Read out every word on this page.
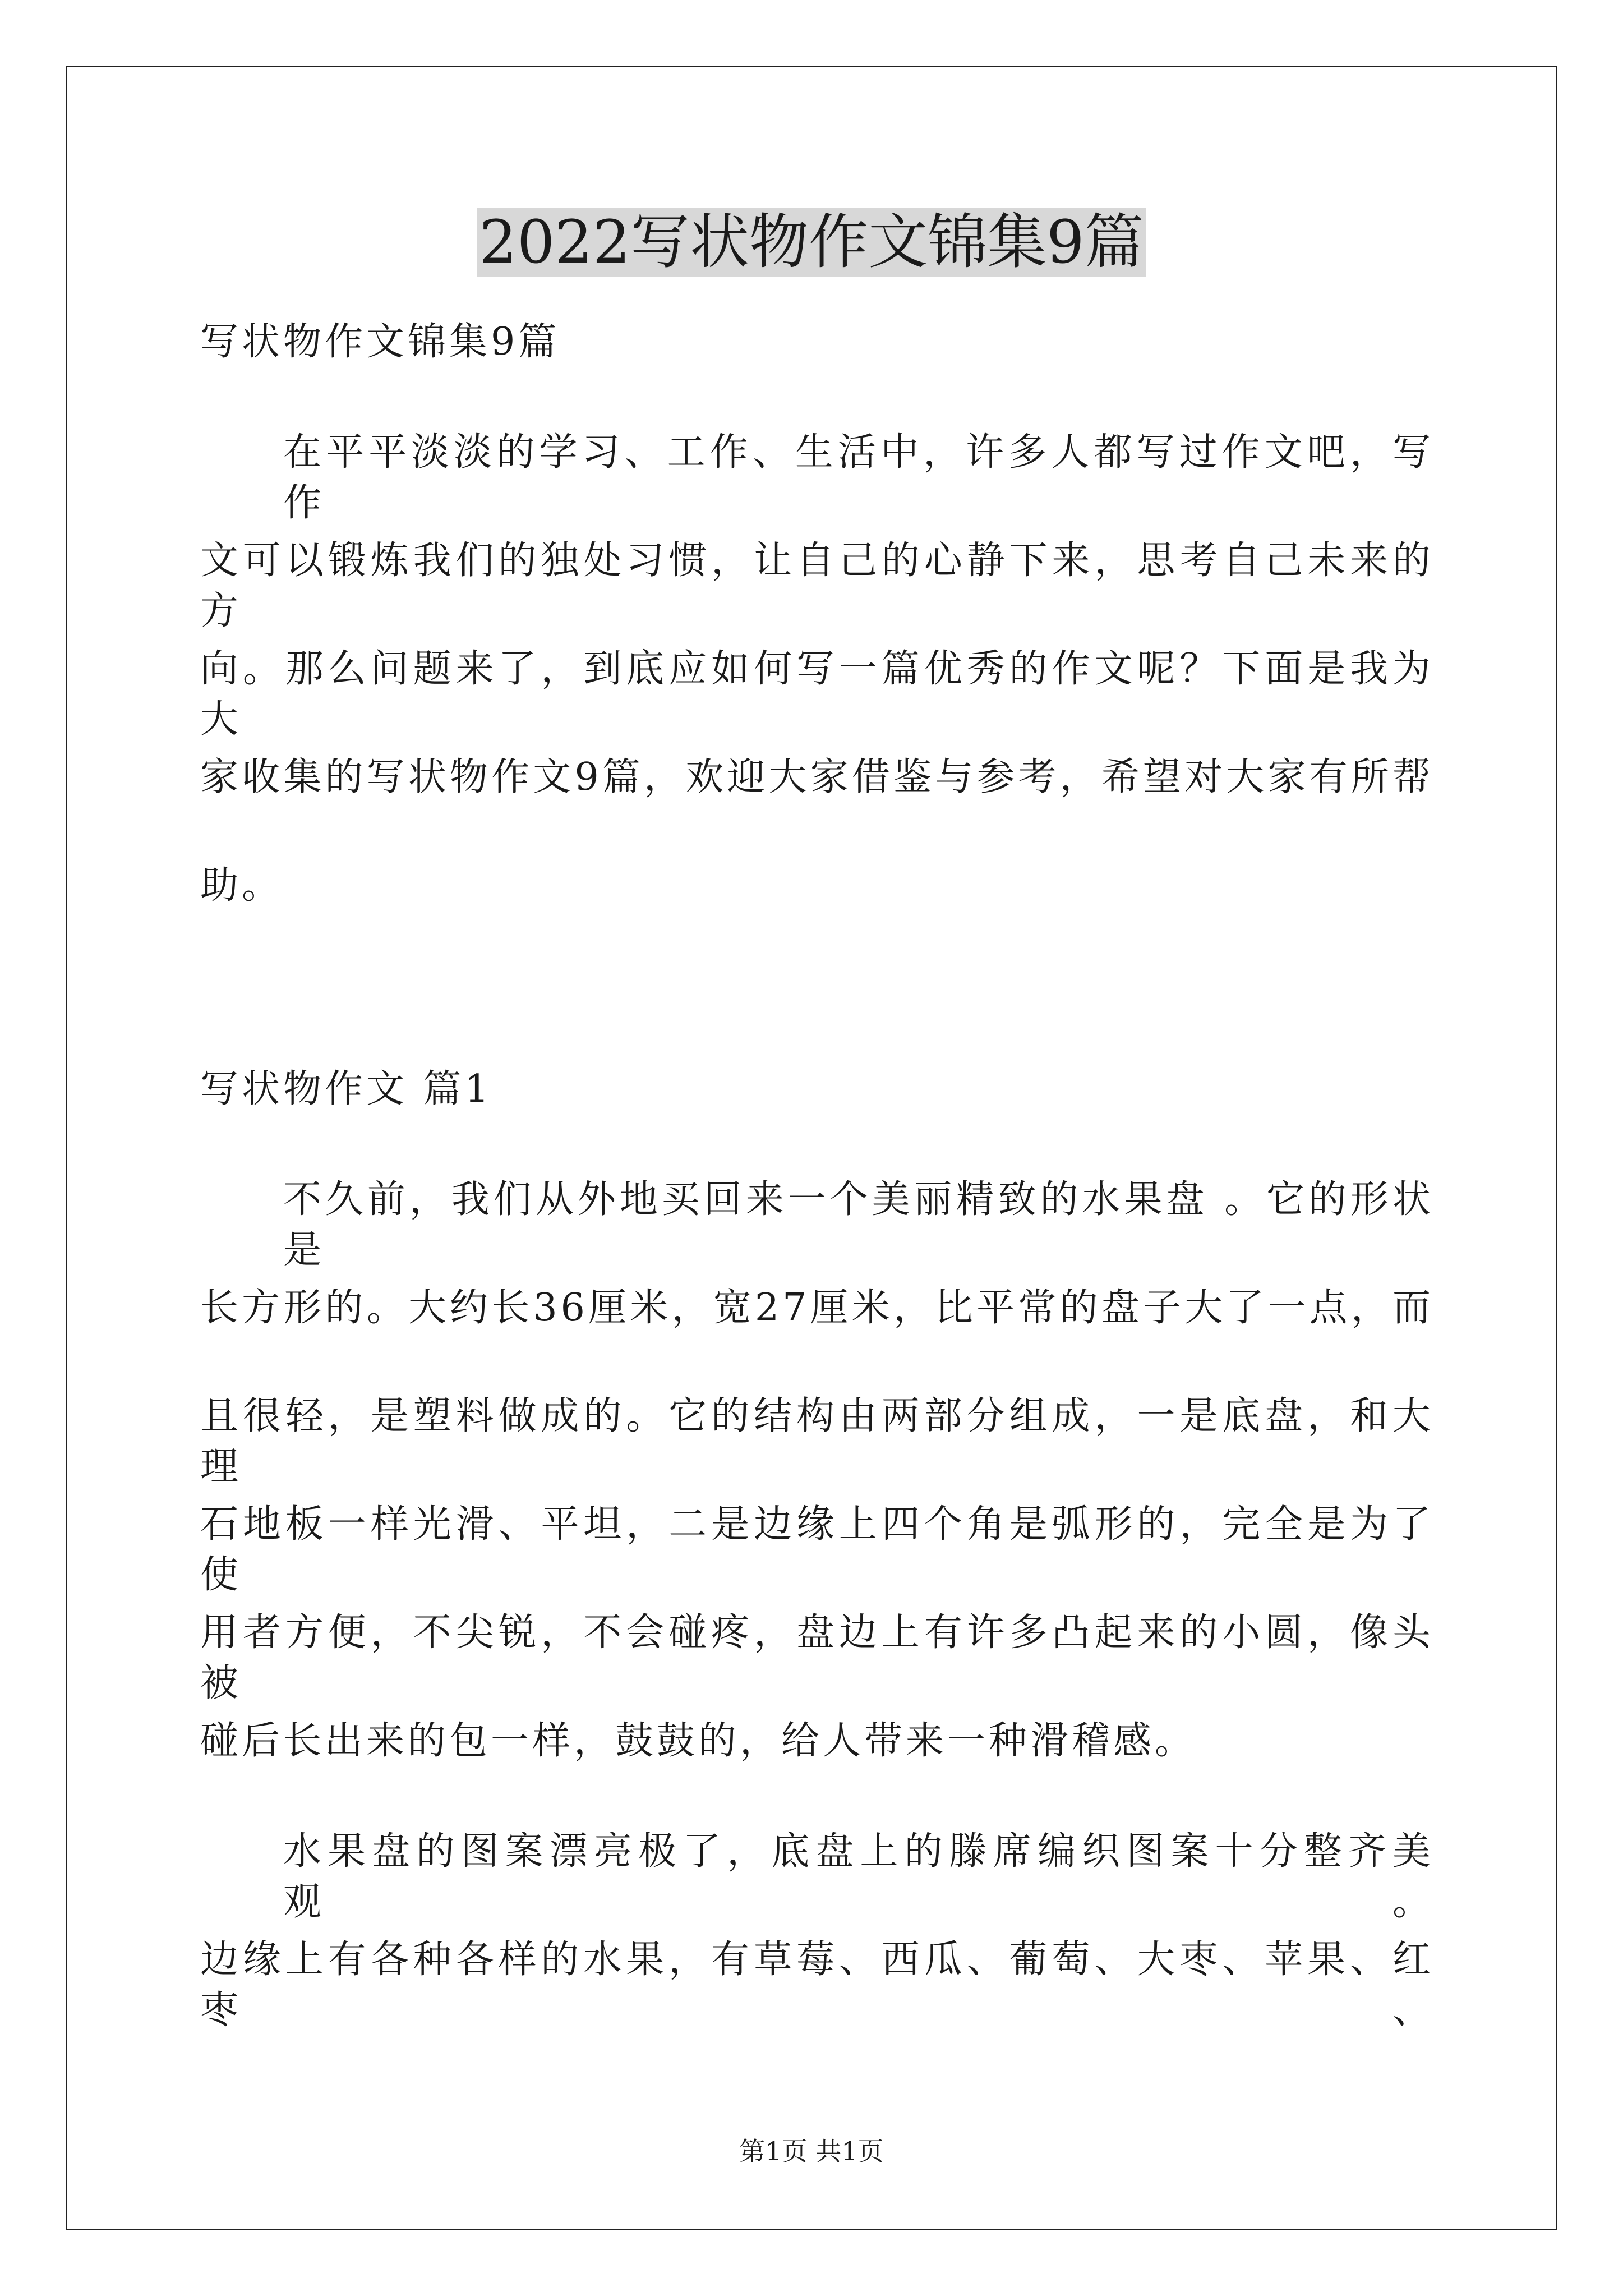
2022写状物作文锦集9篇
写状物作文锦集9篇
在平平淡淡的学习、工作、生活中，许多人都写过作文吧，写作
文可以锻炼我们的独处习惯，让自己的心静下来，思考自己未来的方
向。那么问题来了，到底应如何写一篇优秀的作文呢？下面是我为大
家收集的写状物作文9篇，欢迎大家借鉴与参考，希望对大家有所帮
助。
写状物作文 篇1
不久前，我们从外地买回来一个美丽精致的水果盘 。它的形状是
长方形的。大约长36厘米，宽27厘米，比平常的盘子大了一点，而
且很轻，是塑料做成的。它的结构由两部分组成，一是底盘，和大理
石地板一样光滑、平坦，二是边缘上四个角是弧形的，完全是为了使
用者方便，不尖锐，不会碰疼，盘边上有许多凸起来的小圆，像头被
碰后长出来的包一样，鼓鼓的，给人带来一种滑稽感。
水果盘的图案漂亮极了，底盘上的滕席编织图案十分整齐美观。
边缘上有各种各样的水果，有草莓、西瓜、葡萄、大枣、苹果、红枣、
第1页 共1页
